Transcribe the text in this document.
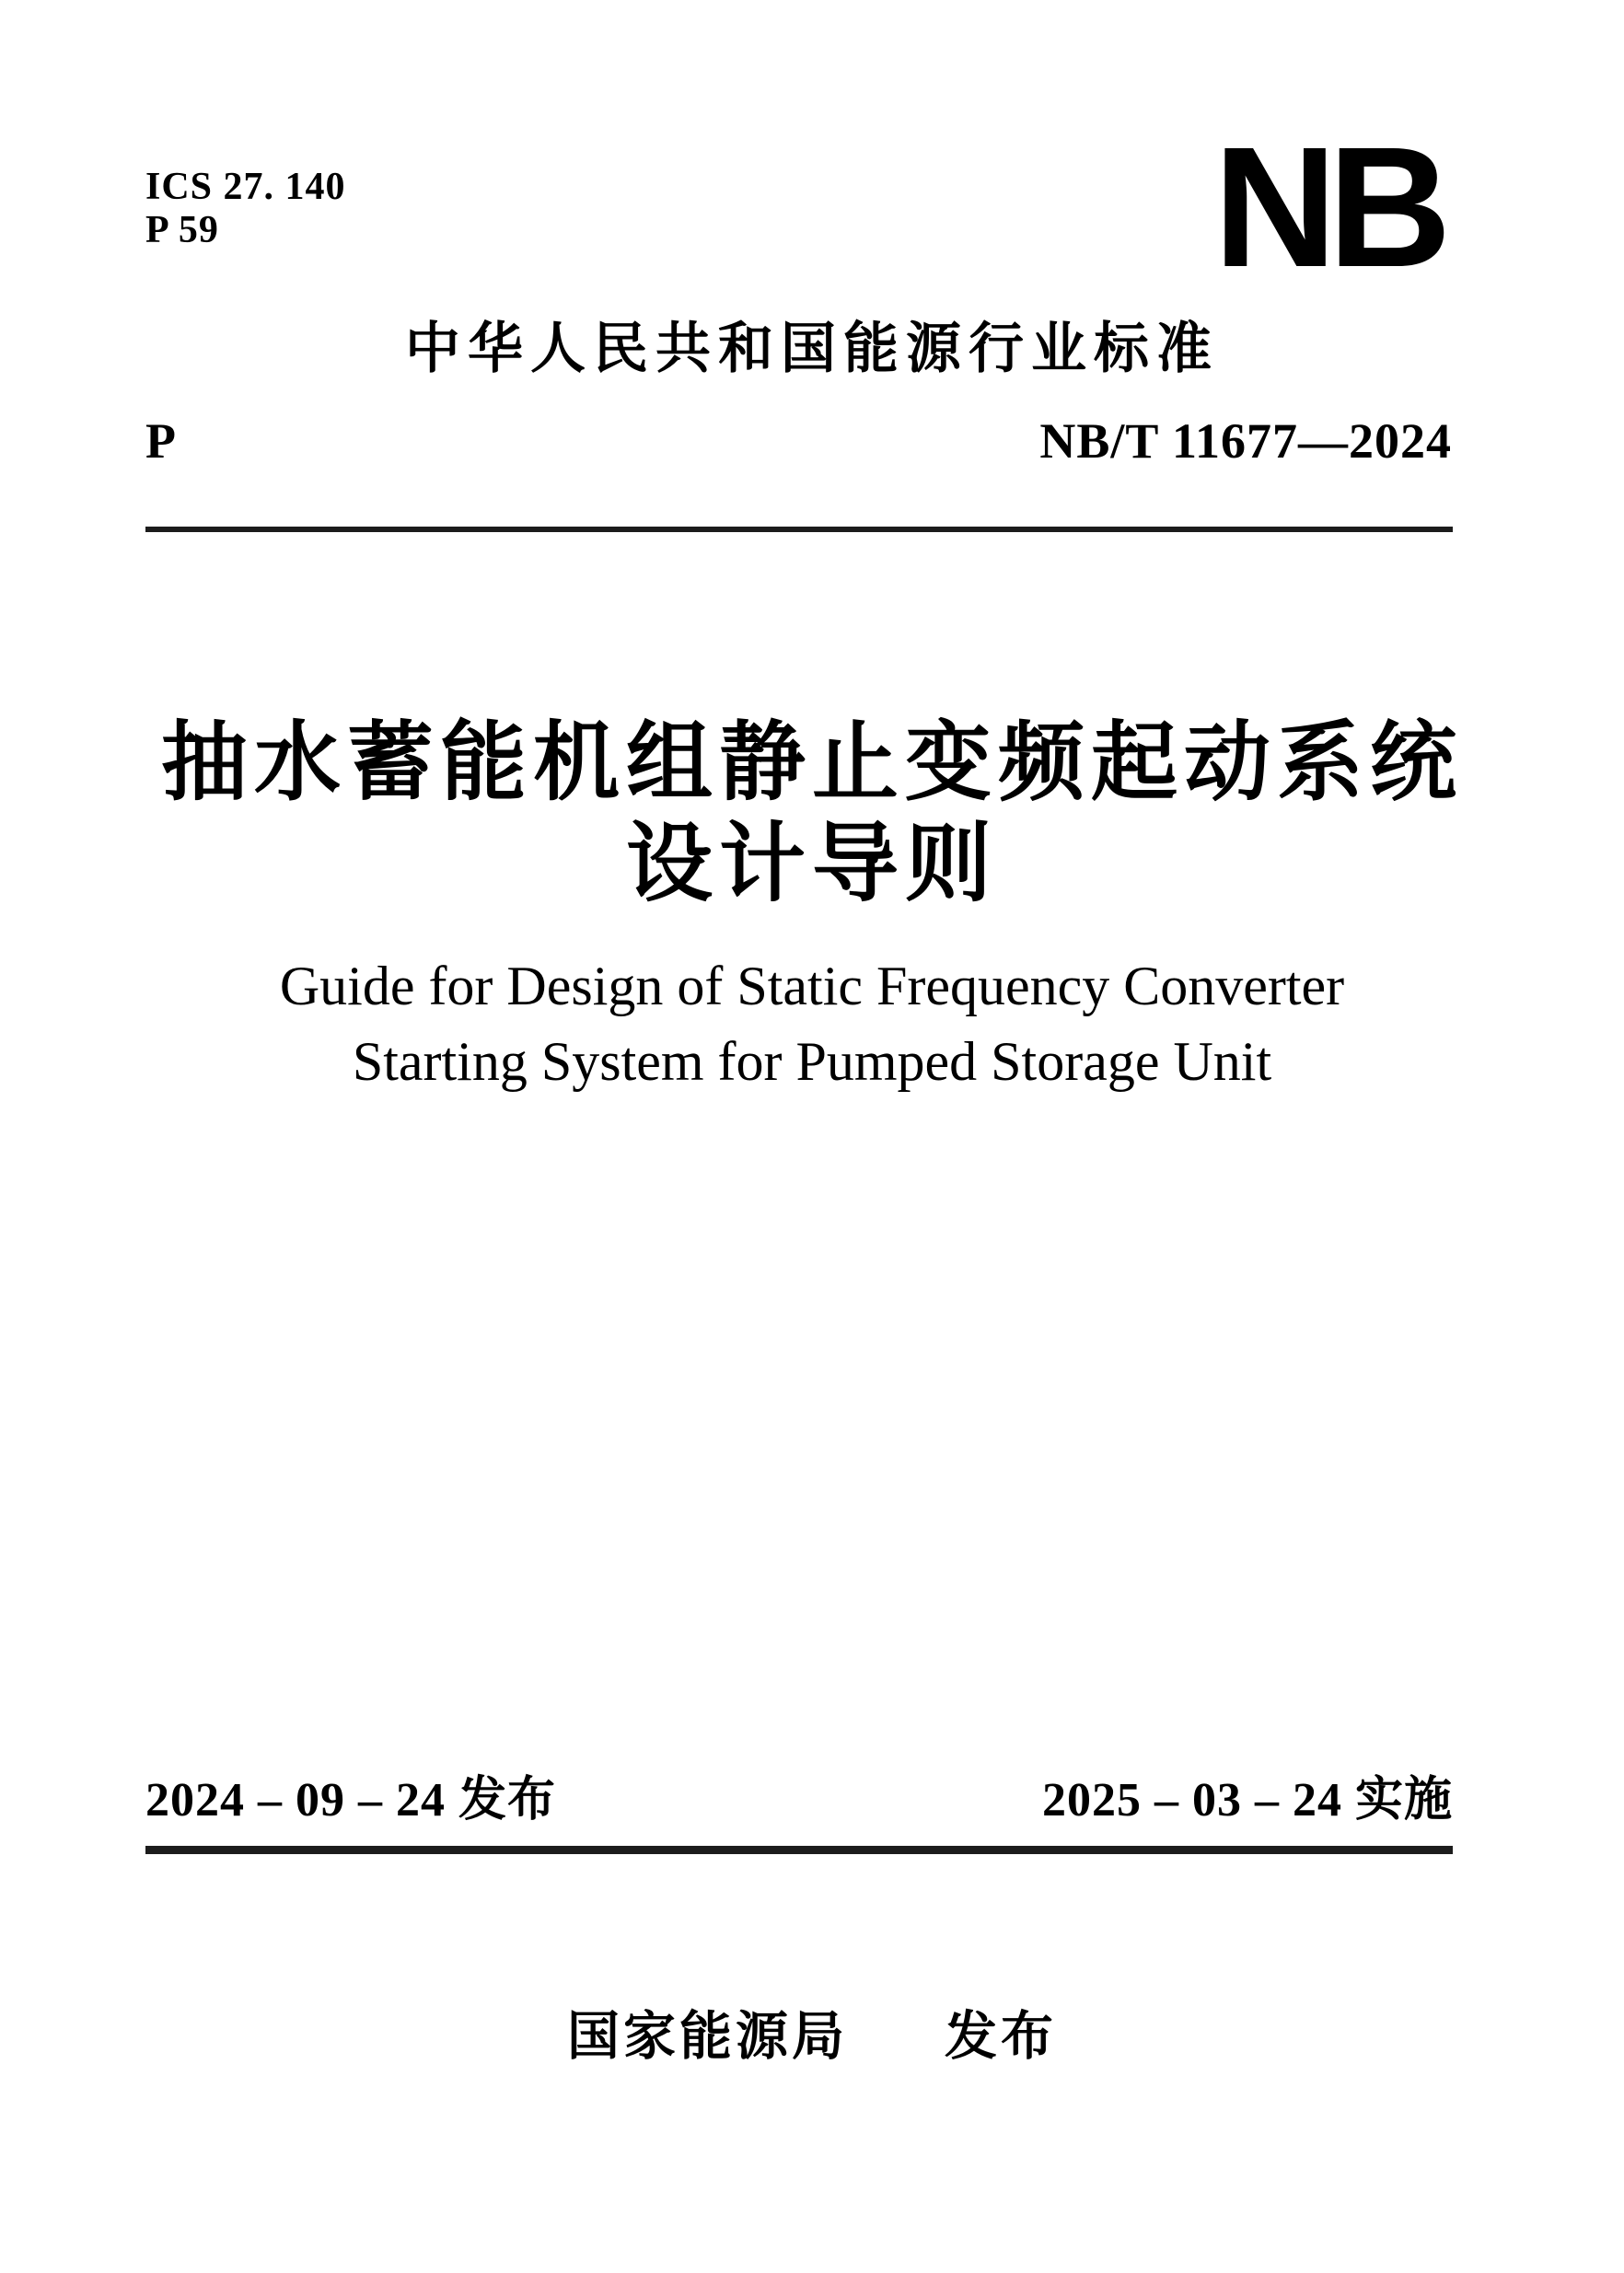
ICS 27. 140
P 59	NB
中华人民共和国能源行业标准
P	NB/T 11677—2024
抽水蓄能机组静止变频起动系统
设计导则
Guide for Design of Static Frequency Converter
Starting System for Pumped Storage Unit
2024 – 09 – 24 发布	2025 – 03 – 24 实施
国家能源局 发布
